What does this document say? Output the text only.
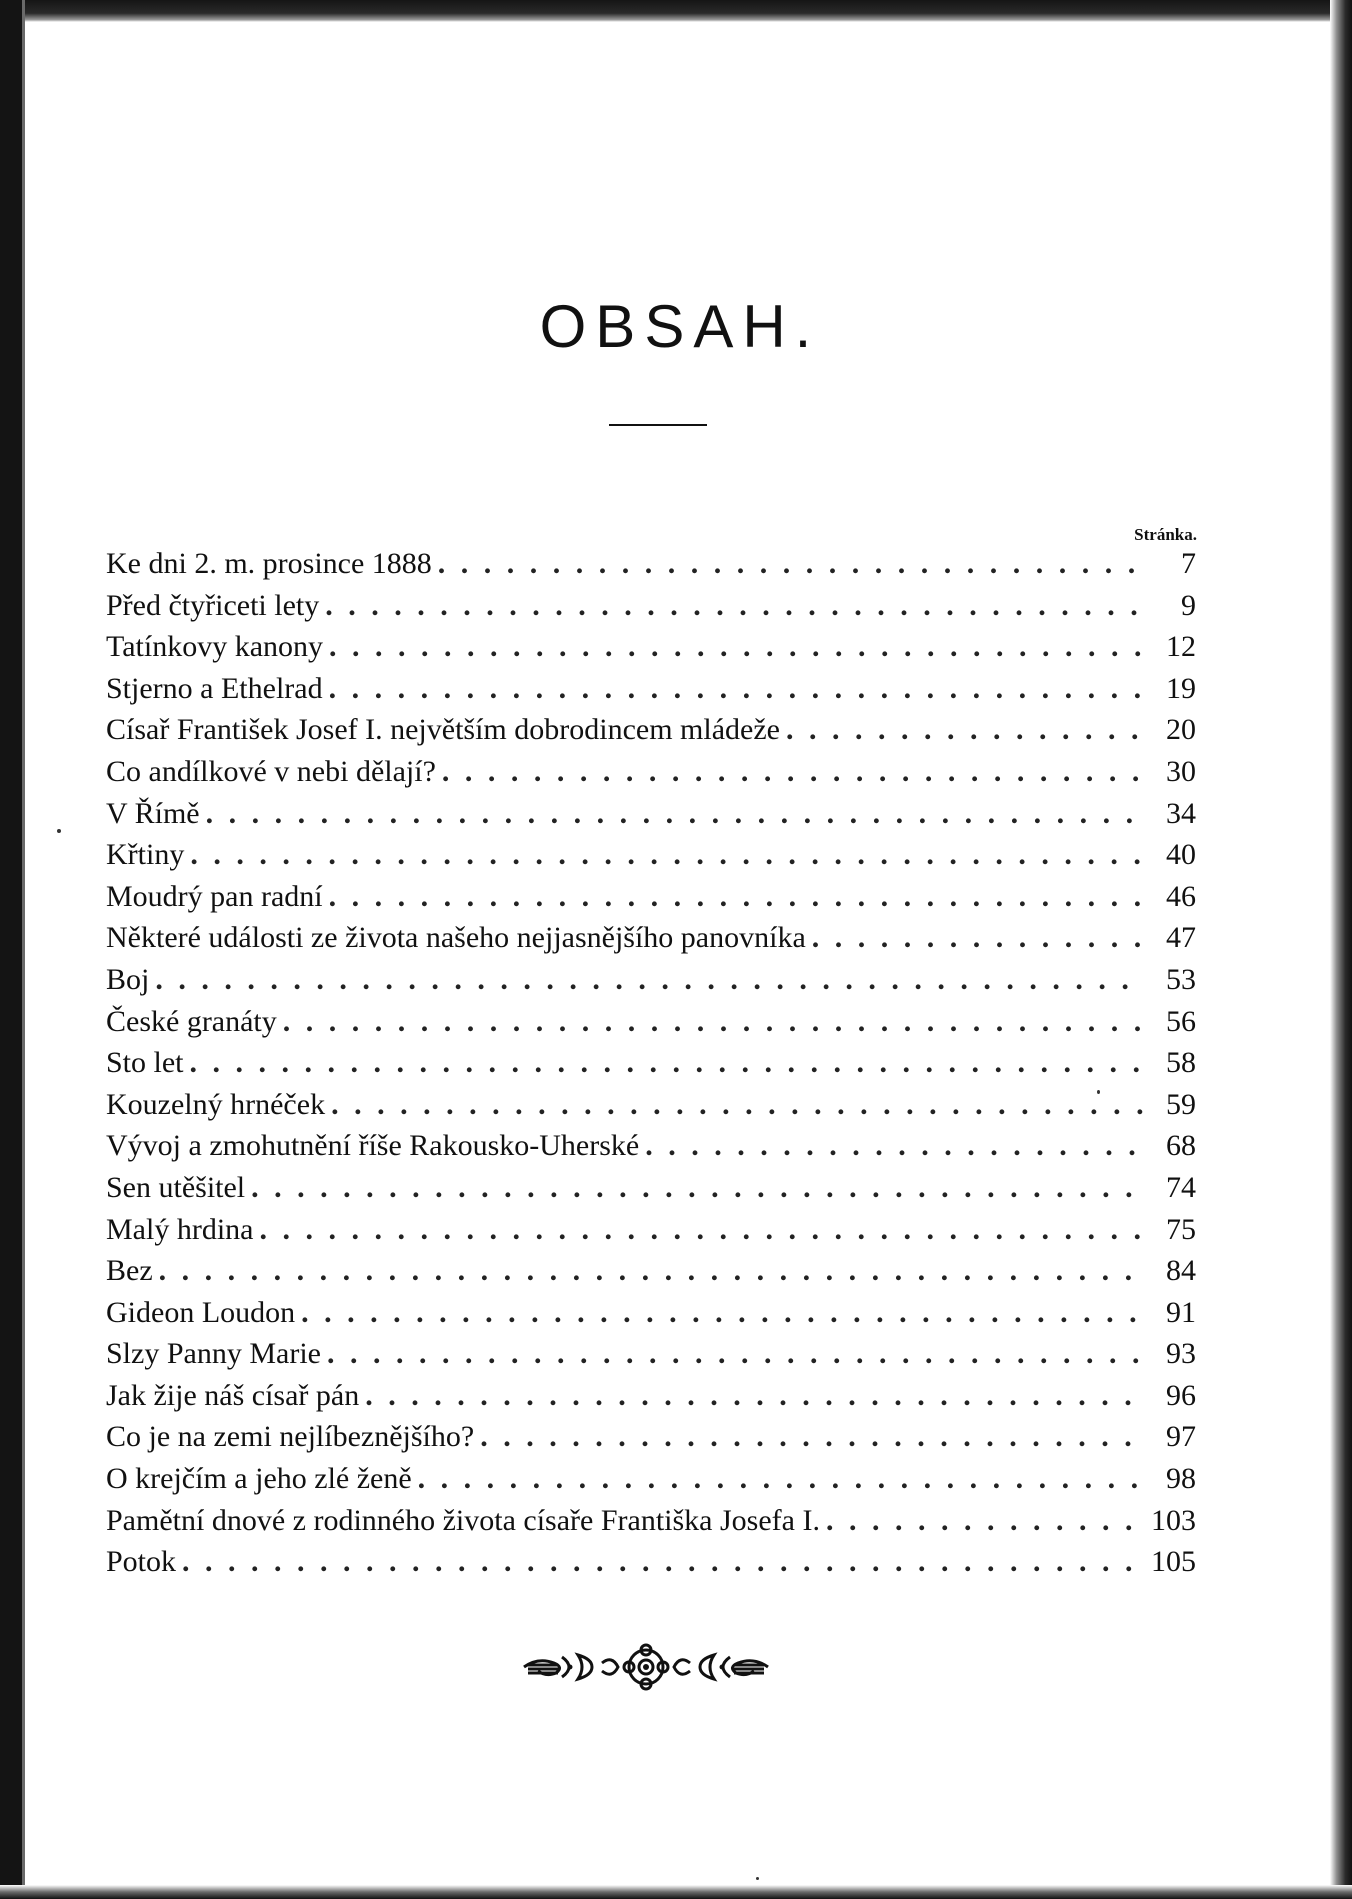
OBSAH.
Stránka.
Ke dni 2. m. prosince 1888 . . .	7
Před čtyřiceti lety . . .	9
Tatínkovy kanony . . .	12
Stjerno a Ethelrad . . .	19
Císař František Josef I. největším dobrodincem mládeže . . .	20
Co andílkové v nebi dělají? . . .	30
V Římě . . .	34
Křtiny . . .	40
Moudrý pan radní . . .	46
Některé události ze života našeho nejjasnějšího panovníka . . .	47
Boj . . .	53
České granáty . . .	56
Sto let . . .	58
Kouzelný hrnéček . . .	59
Vývoj a zmohutnění říše Rakousko-Uherské . . .	68
Sen utěšitel . . .	74
Malý hrdina . . .	75
Bez . . .	84
Gideon Loudon . . .	91
Slzy Panny Marie . . .	93
Jak žije náš císař pán . . .	96
Co je na zemi nejlíbeznějšího? . . .	97
O krejčím a jeho zlé ženě . . .	98
Pamětní dnové z rodinného života císaře Františka Josefa I. . . .	103
Potok . . .	105
